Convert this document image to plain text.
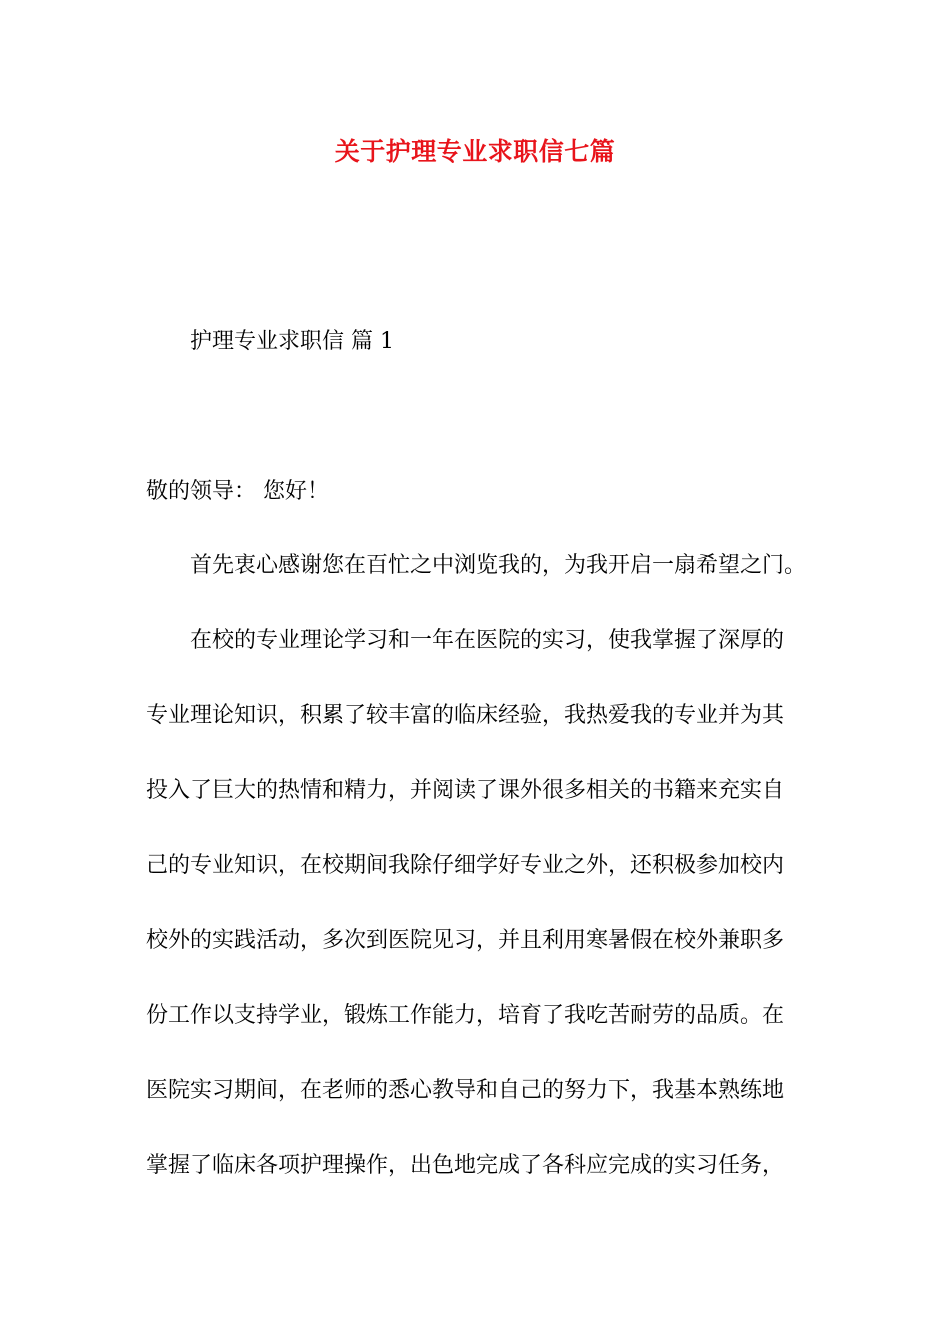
关于护理专业求职信七篇
护理专业求职信 篇 1
敬的领导： 您好！
首先衷心感谢您在百忙之中浏览我的，为我开启一扇希望之门。
在校的专业理论学习和一年在医院的实习，使我掌握了深厚的
专业理论知识，积累了较丰富的临床经验，我热爱我的专业并为其
投入了巨大的热情和精力，并阅读了课外很多相关的书籍来充实自
己的专业知识，在校期间我除仔细学好专业之外，还积极参加校内
校外的实践活动，多次到医院见习，并且利用寒暑假在校外兼职多
份工作以支持学业，锻炼工作能力，培育了我吃苦耐劳的品质。在
医院实习期间，在老师的悉心教导和自己的努力下，我基本熟练地
掌握了临床各项护理操作，出色地完成了各科应完成的实习任务，
